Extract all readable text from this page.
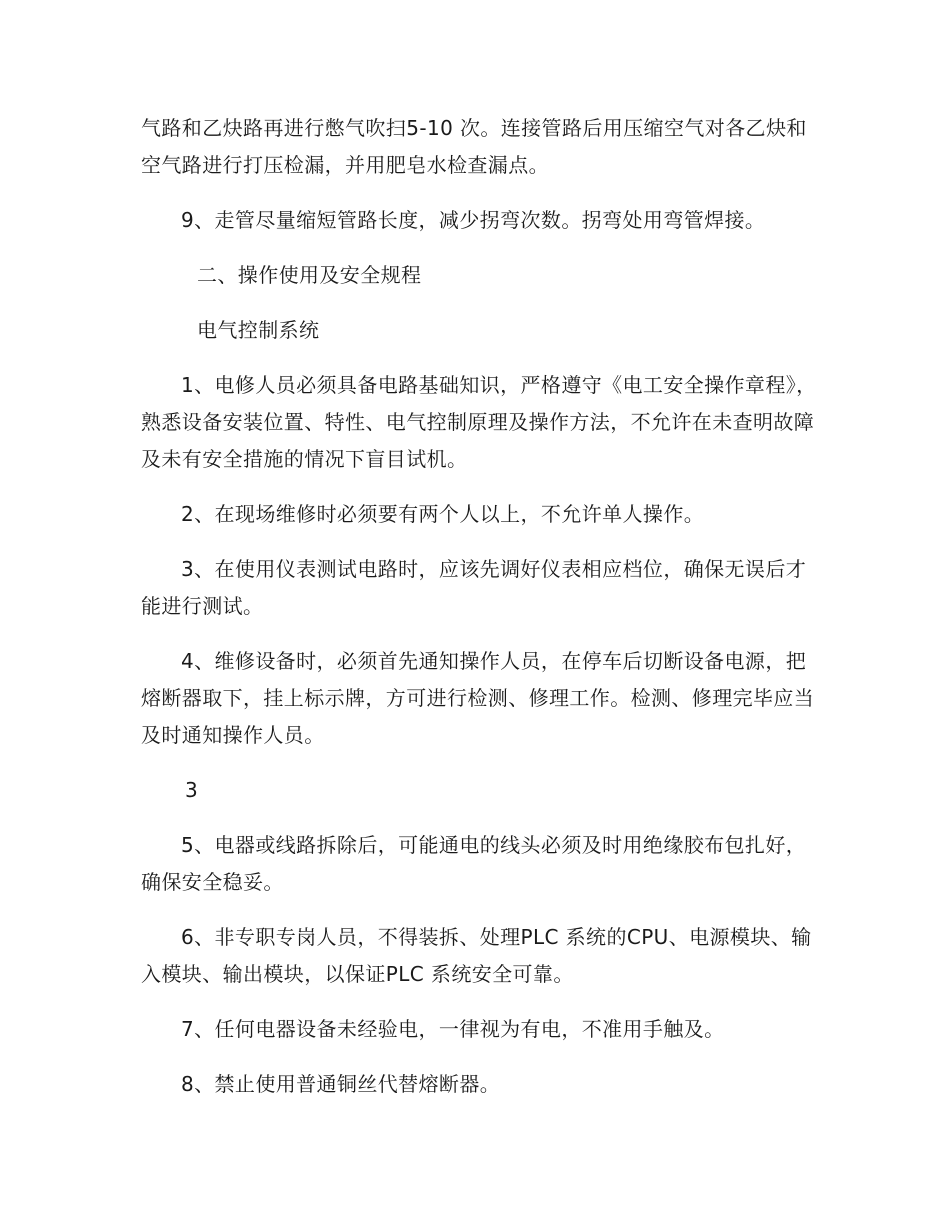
气路和乙炔路再进行憋气吹扫5-10 次。连接管路后用压缩空气对各乙炔和空气路进行打压检漏，并用肥皂水检查漏点。

9、走管尽量缩短管路长度，减少拐弯次数。拐弯处用弯管焊接。

二、操作使用及安全规程

电气控制系统

1、电修人员必须具备电路基础知识，严格遵守《电工安全操作章程》，熟悉设备安装位置、特性、电气控制原理及操作方法，不允许在未查明故障及未有安全措施的情况下盲目试机。

2、在现场维修时必须要有两个人以上，不允许单人操作。

3、在使用仪表测试电路时，应该先调好仪表相应档位，确保无误后才能进行测试。

4、维修设备时，必须首先通知操作人员，在停车后切断设备电源，把熔断器取下，挂上标示牌，方可进行检测、修理工作。检测、修理完毕应当及时通知操作人员。

3

5、电器或线路拆除后，可能通电的线头必须及时用绝缘胶布包扎好，确保安全稳妥。

6、非专职专岗人员，不得装拆、处理PLC 系统的CPU、电源模块、输入模块、输出模块，以保证PLC 系统安全可靠。

7、任何电器设备未经验电，一律视为有电，不准用手触及。

8、禁止使用普通铜丝代替熔断器。
